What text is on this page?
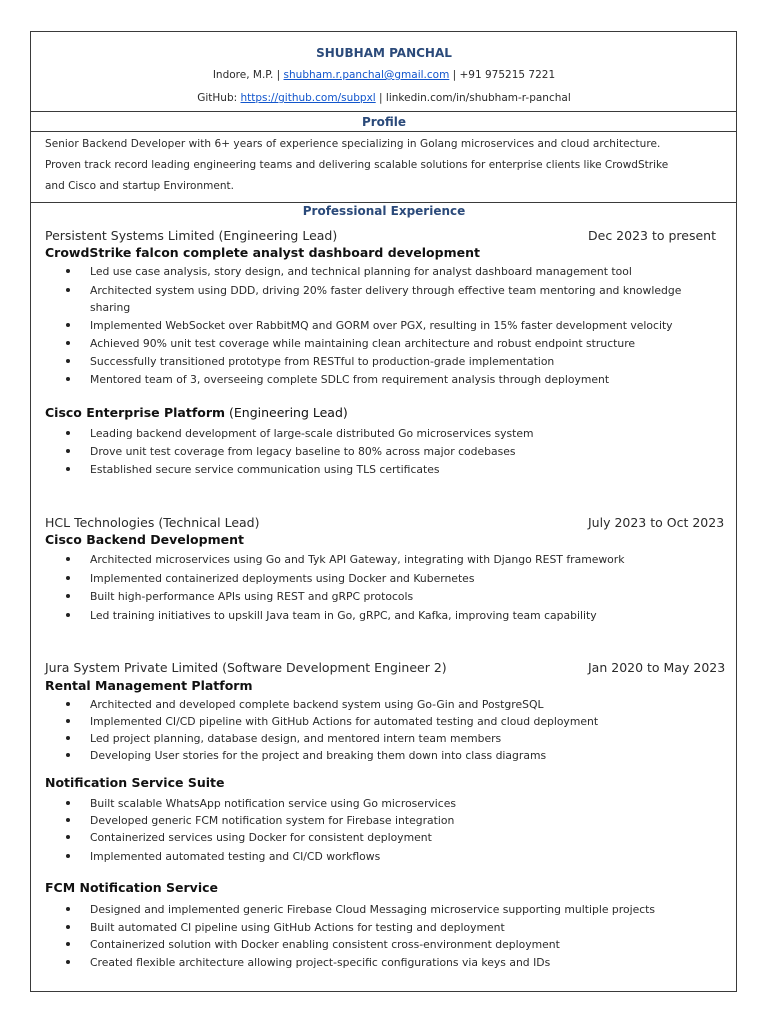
SHUBHAM PANCHAL
Indore, M.P. | shubham.r.panchal@gmail.com | +91 975215 7221
GitHub: https://github.com/subpxl | linkedin.com/in/shubham-r-panchal
Profile
Senior Backend Developer with 6+ years of experience specializing in Golang microservices and cloud architecture.
Proven track record leading engineering teams and delivering scalable solutions for enterprise clients like CrowdStrike
and Cisco and startup Environment.
Professional Experience
Persistent Systems Limited (Engineering Lead)	Dec 2023 to present
CrowdStrike falcon complete analyst dashboard development
Led use case analysis, story design, and technical planning for analyst dashboard management tool
Architected system using DDD, driving 20% faster delivery through effective team mentoring and knowledge
sharing
Implemented WebSocket over RabbitMQ and GORM over PGX, resulting in 15% faster development velocity
Achieved 90% unit test coverage while maintaining clean architecture and robust endpoint structure
Successfully transitioned prototype from RESTful to production-grade implementation
Mentored team of 3, overseeing complete SDLC from requirement analysis through deployment
Cisco Enterprise Platform (Engineering Lead)
Leading backend development of large-scale distributed Go microservices system
Drove unit test coverage from legacy baseline to 80% across major codebases
Established secure service communication using TLS certificates
HCL Technologies (Technical Lead)	July 2023 to Oct 2023
Cisco Backend Development
Architected microservices using Go and Tyk API Gateway, integrating with Django REST framework
Implemented containerized deployments using Docker and Kubernetes
Built high-performance APIs using REST and gRPC protocols
Led training initiatives to upskill Java team in Go, gRPC, and Kafka, improving team capability
Jura System Private Limited (Software Development Engineer 2)	Jan 2020 to May 2023
Rental Management Platform
Architected and developed complete backend system using Go-Gin and PostgreSQL
Implemented CI/CD pipeline with GitHub Actions for automated testing and cloud deployment
Led project planning, database design, and mentored intern team members
Developing User stories for the project and breaking them down into class diagrams
Notification Service Suite
Built scalable WhatsApp notification service using Go microservices
Developed generic FCM notification system for Firebase integration
Containerized services using Docker for consistent deployment
Implemented automated testing and CI/CD workflows
FCM Notification Service
Designed and implemented generic Firebase Cloud Messaging microservice supporting multiple projects
Built automated CI pipeline using GitHub Actions for testing and deployment
Containerized solution with Docker enabling consistent cross-environment deployment
Created flexible architecture allowing project-specific configurations via keys and IDs
